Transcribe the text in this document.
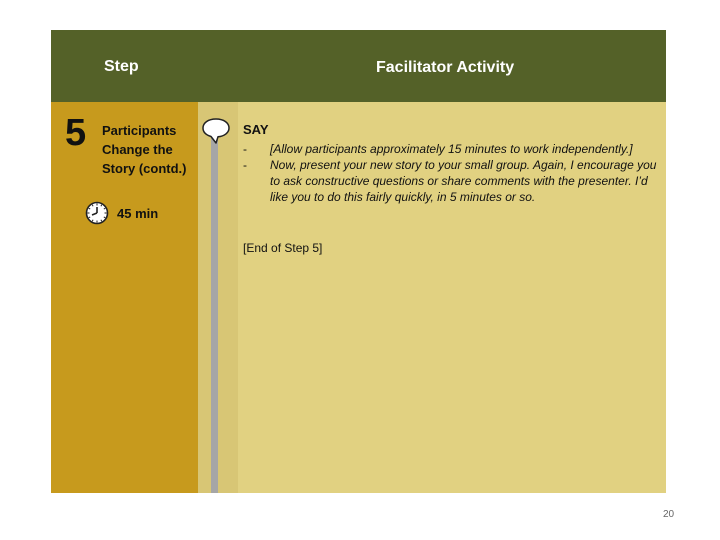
Step	Facilitator Activity
5 Participants Change the Story (contd.)
45 min
SAY
- [Allow participants approximately 15 minutes to work independently.]
- Now, present your new story to your small group. Again, I encourage you to ask constructive questions or share comments with the presenter. I’d like you to do this fairly quickly, in 5 minutes or so.
[End of Step 5]
20
